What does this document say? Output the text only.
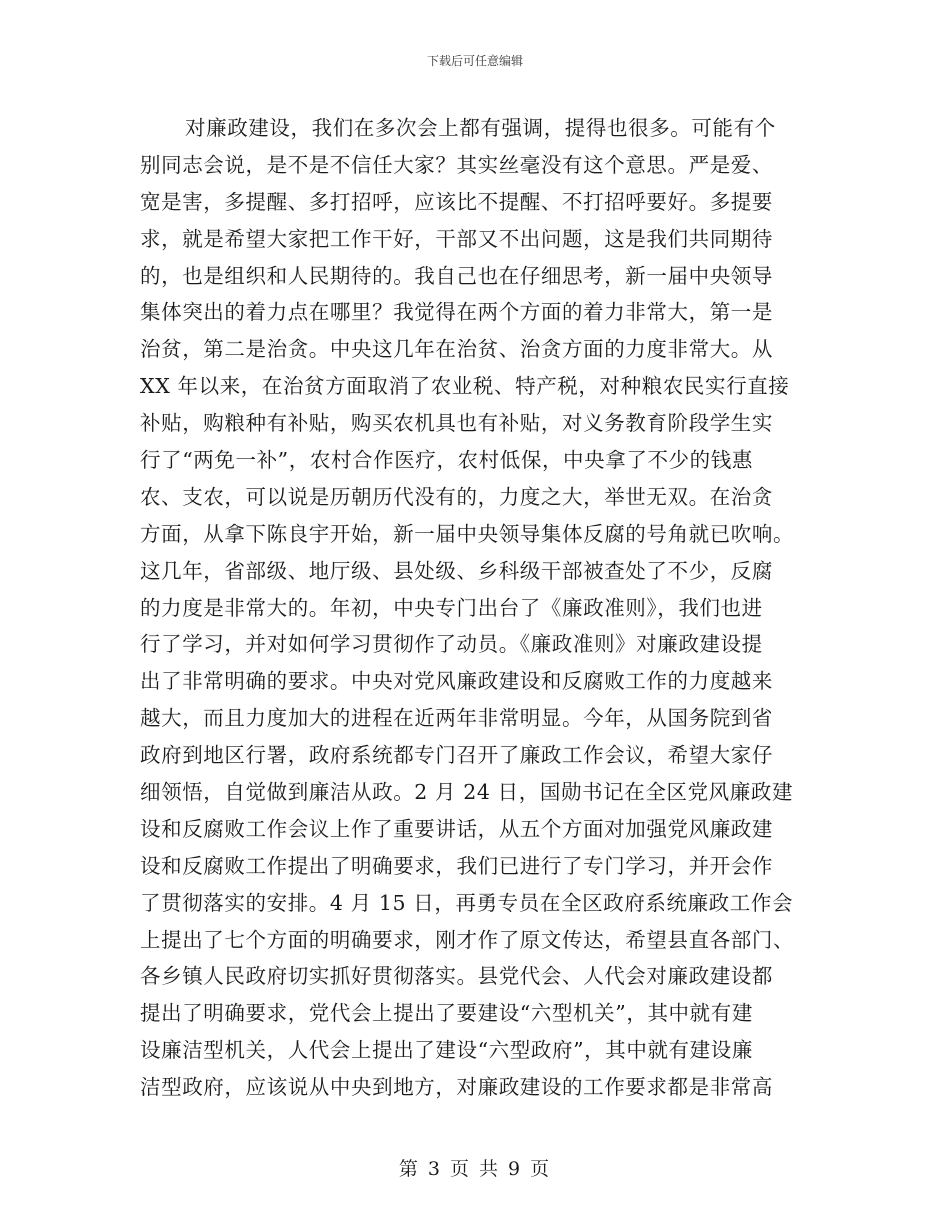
下载后可任意编辑
对廉政建设，我们在多次会上都有强调，提得也很多。可能有个
别同志会说，是不是不信任大家？其实丝毫没有这个意思。严是爱、
宽是害，多提醒、多打招呼，应该比不提醒、不打招呼要好。多提要
求，就是希望大家把工作干好，干部又不出问题，这是我们共同期待
的，也是组织和人民期待的。我自己也在仔细思考，新一届中央领导
集体突出的着力点在哪里？我觉得在两个方面的着力非常大，第一是
治贫，第二是治贪。中央这几年在治贫、治贪方面的力度非常大。从
XX 年以来，在治贫方面取消了农业税、特产税，对种粮农民实行直接
补贴，购粮种有补贴，购买农机具也有补贴，对义务教育阶段学生实
行了“两免一补”，农村合作医疗，农村低保，中央拿了不少的钱惠
农、支农，可以说是历朝历代没有的，力度之大，举世无双。在治贪
方面，从拿下陈良宇开始，新一届中央领导集体反腐的号角就已吹响。
这几年，省部级、地厅级、县处级、乡科级干部被查处了不少，反腐
的力度是非常大的。年初，中央专门出台了《廉政准则》，我们也进
行了学习，并对如何学习贯彻作了动员。《廉政准则》对廉政建设提
出了非常明确的要求。中央对党风廉政建设和反腐败工作的力度越来
越大，而且力度加大的进程在近两年非常明显。今年，从国务院到省
政府到地区行署，政府系统都专门召开了廉政工作会议，希望大家仔
细领悟，自觉做到廉洁从政。2 月 24 日，国勋书记在全区党风廉政建
设和反腐败工作会议上作了重要讲话，从五个方面对加强党风廉政建
设和反腐败工作提出了明确要求，我们已进行了专门学习，并开会作
了贯彻落实的安排。4 月 15 日，再勇专员在全区政府系统廉政工作会
上提出了七个方面的明确要求，刚才作了原文传达，希望县直各部门、
各乡镇人民政府切实抓好贯彻落实。县党代会、人代会对廉政建设都
提出了明确要求，党代会上提出了要建设“六型机关”，其中就有建
设廉洁型机关，人代会上提出了建设“六型政府”，其中就有建设廉
洁型政府，应该说从中央到地方，对廉政建设的工作要求都是非常高
第 3 页 共 9 页
